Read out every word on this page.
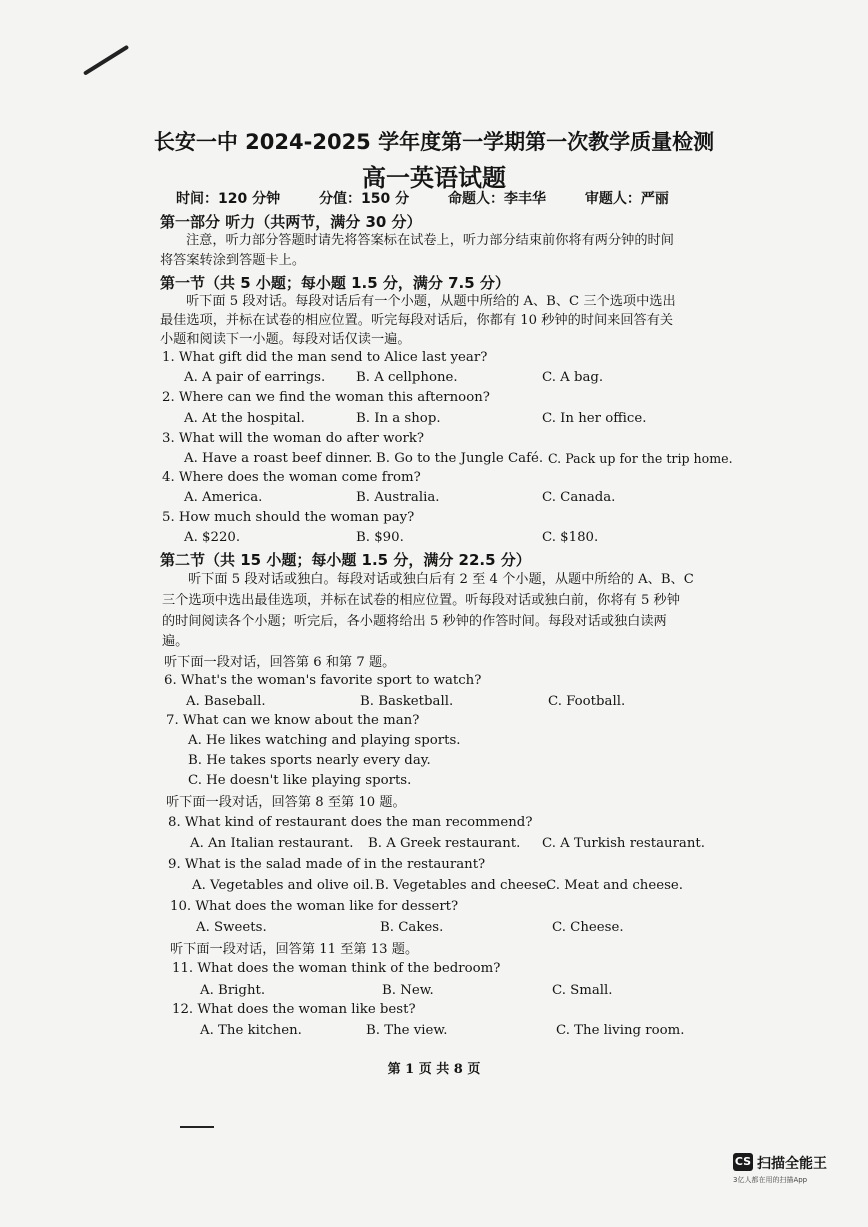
长安一中 2024-2025 学年度第一学期第一次教学质量检测
高一英语试题
时间：120 分钟	分值：150 分	命题人：李丰华	审题人：严丽
第一部分 听力（共两节，满分 30 分）
注意，听力部分答题时请先将答案标在试卷上，听力部分结束前你将有两分钟的时间
将答案转涂到答题卡上。
第一节（共 5 小题；每小题 1.5 分，满分 7.5 分）
听下面 5 段对话。每段对话后有一个小题，从题中所给的 A、B、C 三个选项中选出
最佳选项，并标在试卷的相应位置。听完每段对话后，你都有 10 秒钟的时间来回答有关
小题和阅读下一小题。每段对话仅读一遍。
1. What gift did the man send to Alice last year?
A. A pair of earrings. B. A cellphone.	C. A bag.
2. Where can we find the woman this afternoon?
A. At the hospital.	B. In a shop.	C. In her office.
3. What will the woman do after work?
A. Have a roast beef dinner. B. Go to the Jungle Café. C. Pack up for the trip home.
4. Where does the woman come from?
A. America.	B. Australia.	C. Canada.
5. How much should the woman pay?
A. $220.	B. $90.	C. $180.
第二节（共 15 小题；每小题 1.5 分，满分 22.5 分）
听下面 5 段对话或独白。每段对话或独白后有 2 至 4 个小题，从题中所给的 A、B、C
三个选项中选出最佳选项，并标在试卷的相应位置。听每段对话或独白前，你将有 5 秒钟
的时间阅读各个小题；听完后，各小题将给出 5 秒钟的作答时间。每段对话或独白读两
遍。
听下面一段对话，回答第 6 和第 7 题。
6. What's the woman's favorite sport to watch?
A. Baseball.	B. Basketball.	C. Football.
7. What can we know about the man?
A. He likes watching and playing sports.
B. He takes sports nearly every day.
C. He doesn't like playing sports.
听下面一段对话，回答第 8 至第 10 题。
8. What kind of restaurant does the man recommend?
A. An Italian restaurant. B. A Greek restaurant. C. A Turkish restaurant.
9. What is the salad made of in the restaurant?
A. Vegetables and olive oil. B. Vegetables and cheese.
C. Meat and cheese.
10. What does the woman like for dessert?
A. Sweets.	B. Cakes.	C. Cheese.
听下面一段对话，回答第 11 至第 13 题。
11. What does the woman think of the bedroom?
A. Bright.	B. New.	C. Small.
12. What does the woman like best?
A. The kitchen.	B. The view.	C. The living room.
第 1 页 共 8 页
CS 扫描全能王
3亿人都在用的扫描App
